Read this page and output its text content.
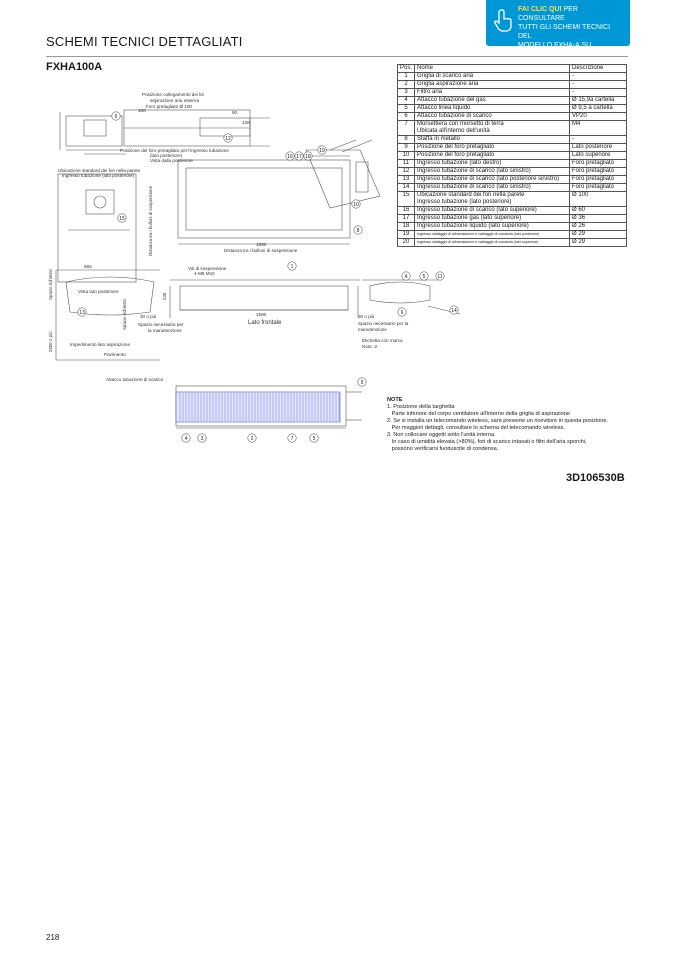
SCHEMI TECNICI DETTAGLIATI
FAI CLIC QUI PER CONSULTARE
TUTTI GLI SCHEMI TECNICI DEL
MODELLO FXHA-A SU MY.DAIKIN.EU
FXHA100A	Pos.	Nome	Descrizione
1	Griglia di scarico aria	-
2	Griglia aspirazione aria	-
3	Filtro aria	-
4	Attacco tubazione del gas	Ø 15,9a cartella
5	Attacco linea liquido	Ø 9,5 a cartella
6	Attacco tubazione di scarico	VP20
7	Morsettiera con morsetto di terra
Ubicata all'interno dell'unità	M4
8	Staffa in metallo	-
9	Posizione del foro pretagliato	Lato posteriore
10	Posizione del foro pretagliato	Lato superiore
11	Ingresso tubazione (lato destro)	Foro pretagliato
12	Ingresso tubazione di scarico (lato sinistro)	Foro pretagliato
13	Ingresso tubazione di scarico (lato posteriore sinistro)	Foro pretagliato
14	Ingresso tubazione di scarico (lato sinistro)	Foro pretagliato
15	Ubicazione standard dei fori nella parete
Ingresso tubazione (lato posteriore)	Ø 100
16	Ingresso tubazione di scarico (lato superiore)	Ø 60
17	Ingresso tubazione gas (lato superiore)	Ø 36
18	Ingresso tubazione liquido (lato superiore)	Ø 26
19	Ingresso cablaggio di alimentazione e cablaggio di comando (lato posteriore)	Ø 29
20	Ingresso cablaggio di alimentazione e cablaggio di comando (lato superiore)	Ø 29
NOTE
1. Posizione della targhetta
Parte inferiore del corpo ventilatore all'interno della griglia di aspirazione
2. Se si installa un telecomando wireless, sarà presente un ricevitore in questa posizione.
Per maggiori dettagli, consultare lo schema del telecomando wireless.
3. Non collocare oggetti sotto l'unità interna.
In caso di umidità elevata (>80%), fori di scarico intasati o filtri dell'aria sporchi,
possono verificarsi fuoriuscite di condensa.
3D106530B
218
6
12
16 17 18
19
10
8
15
1
13	6
4	5 11
14
9
3	2	7	5
4
Posizione collegamento dei kit
aspirazione aria esterna
Foro pretagliato Ø 100
Posizione del foro pretagliato per l'ingresso tubazione
(lato posteriore)
Vista dalla posteriore
Ubicazione standard dei fori nella parete
Ingresso tubazione (lato posteriore)
Vista lato posteriore
Distanza tra i bulloni di sospensione
Viti di sospensione
4-M8 M10
30 o più
Spazio necessario per
la manutenzione
Lato frontale
30 o più
Spazio necessario per la
manutenzione
Impedimento lato aspirazione
Pavimento
Etichetta con marca
Nota -2
Attacco tubazione di scarico
1590
1590
665
100	90
130
Distanza tra i bulloni di sospensione
Spazio richiesto
Spazio richiesto
2500 o più
235
